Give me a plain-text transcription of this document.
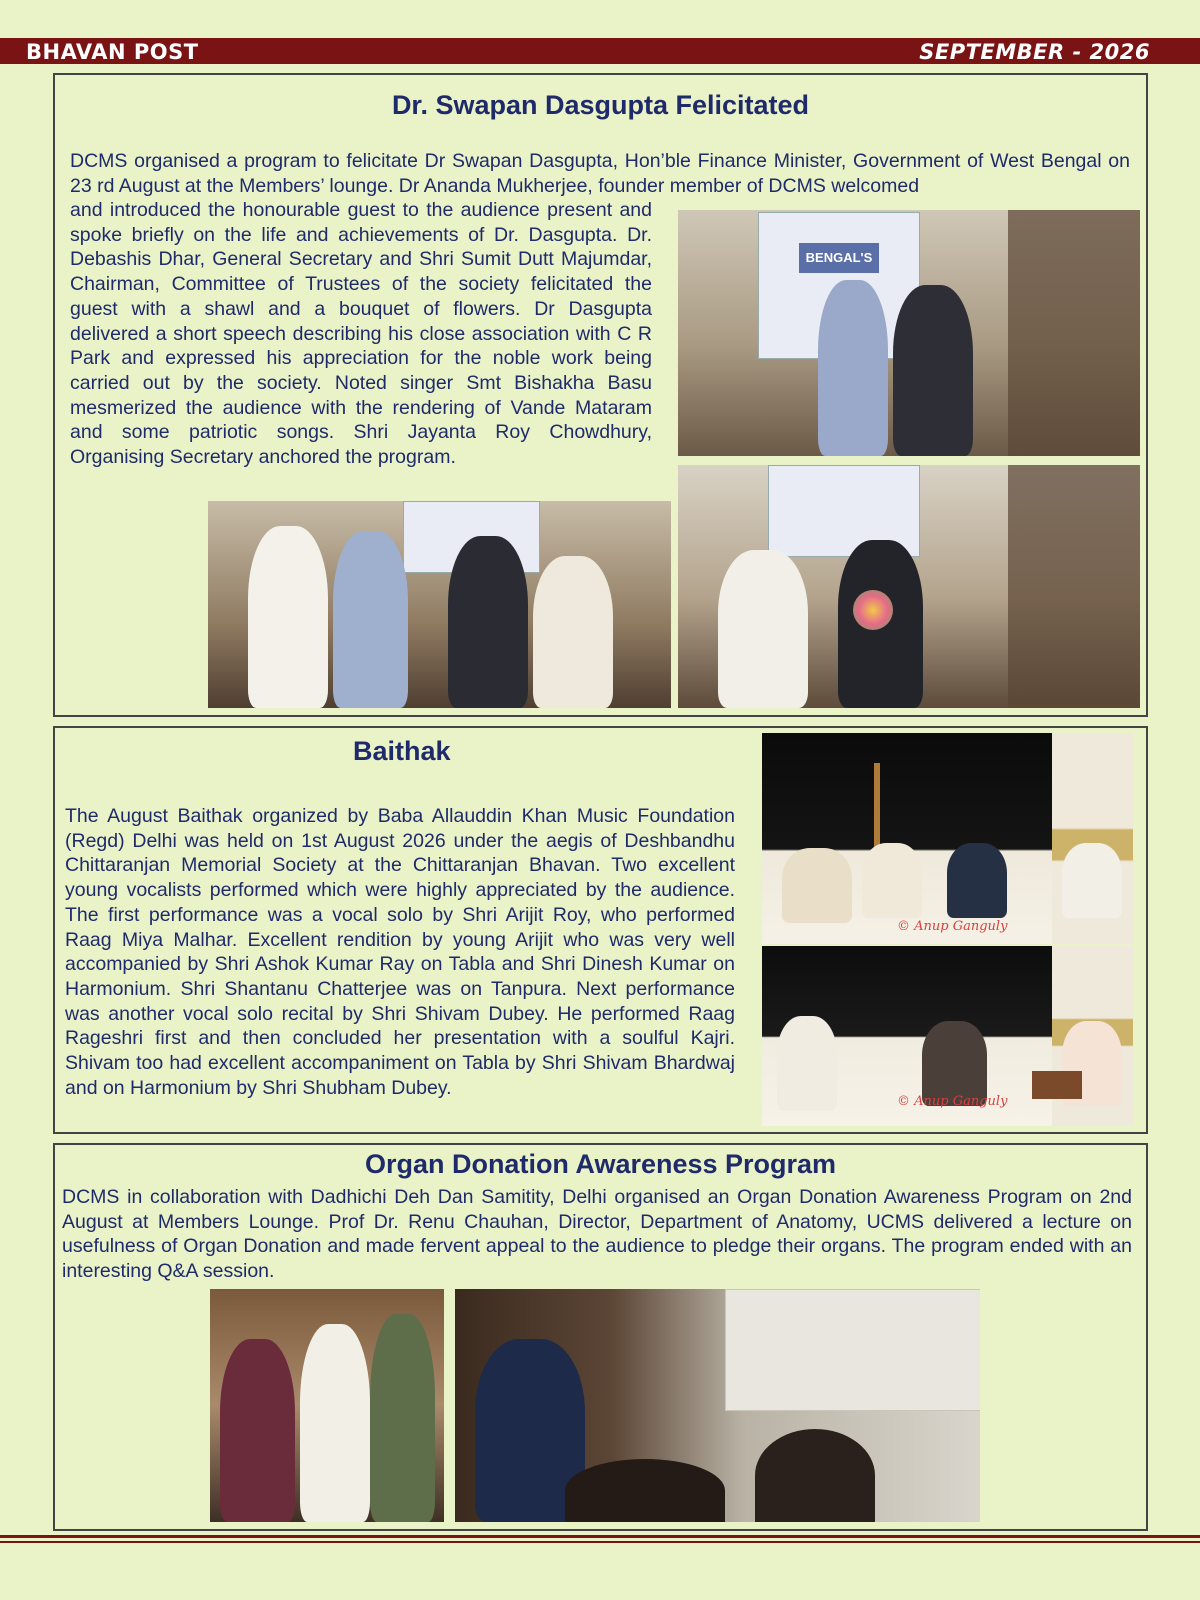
BHAVAN POST	SEPTEMBER - 2026
Dr. Swapan Dasgupta Felicitated
DCMS organised a program to felicitate Dr Swapan Dasgupta, Hon’ble Finance Minister, Government of West Bengal on 23 rd August at the Members’ lounge. Dr Ananda Mukherjee, founder member of DCMS welcomed
and introduced the honourable guest to the audience present and spoke briefly on the life and achievements of Dr. Dasgupta. Dr. Debashis Dhar, General Secretary and Shri Sumit Dutt Majumdar, Chairman, Committee of Trustees of the society felicitated the guest with a shawl and a bouquet of flowers. Dr Dasgupta delivered a short speech describing his close association with C R Park and expressed his appreciation for the noble work being carried out by the society. Noted singer Smt Bishakha Basu mesmerized the audience with the rendering of Vande Mataram and some patriotic songs. Shri Jayanta Roy Chowdhury, Organising Secretary anchored the program.
BENGAL'S
Baithak
The August Baithak organized by Baba Allauddin Khan Music Foundation (Regd) Delhi was held on 1st August 2026 under the aegis of Deshbandhu Chittaranjan Memorial Society at the Chittaranjan Bhavan. Two excellent young vocalists performed which were highly appreciated by the audience. The first performance was a vocal solo by Shri Arijit Roy, who performed Raag Miya Malhar. Excellent rendition by young Arijit who was very well accompanied by Shri Ashok Kumar Ray on Tabla and Shri Dinesh Kumar on Harmonium. Shri Shantanu Chatterjee was on Tanpura. Next performance was another vocal solo recital by Shri Shivam Dubey. He performed Raag Rageshri first and then concluded her presentation with a soulful Kajri. Shivam too had excellent accompaniment on Tabla by Shri Shivam Bhardwaj and on Harmonium by Shri Shubham Dubey.
© Anup Ganguly
© Anup Ganguly
Organ Donation Awareness Program
DCMS in collaboration with Dadhichi Deh Dan Samitity, Delhi organised an Organ Donation Awareness Program on 2nd August at Members Lounge. Prof Dr. Renu Chauhan, Director, Department of Anatomy, UCMS delivered a lecture on usefulness of Organ Donation and made fervent appeal to the audience to pledge their organs. The program ended with an interesting Q&A session.
